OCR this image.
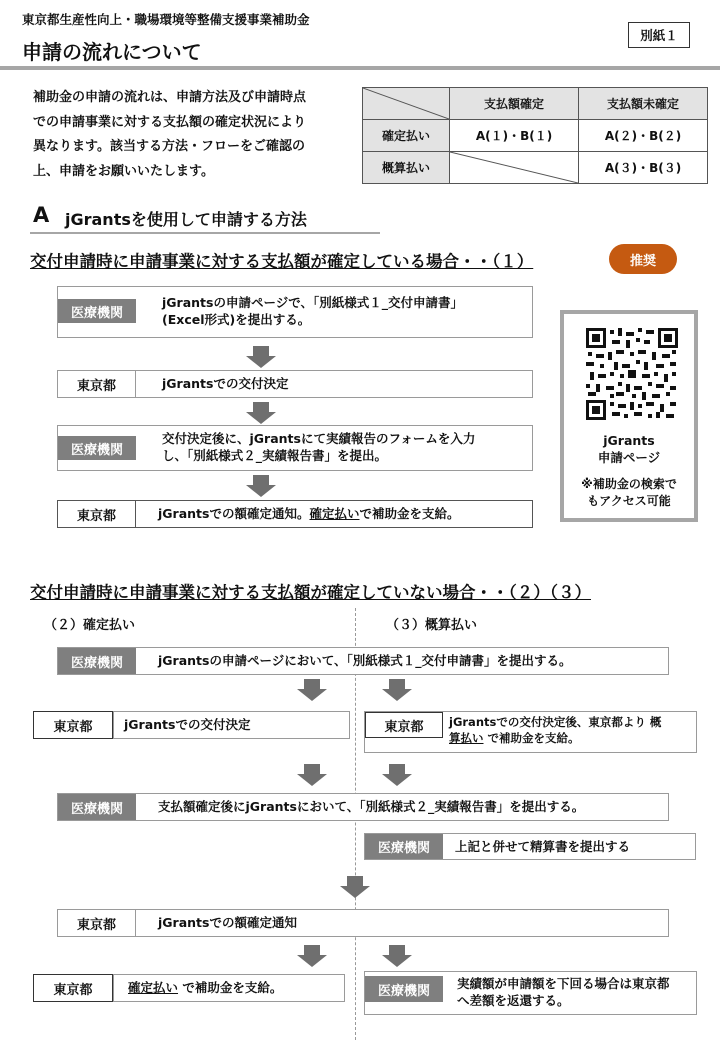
東京都生産性向上・職場環境等整備支援事業補助金
申請の流れについて
別紙１
補助金の申請の流れは、申請方法及び申請時点
での申請事業に対する支払額の確定状況により
異なります。該当する方法・フローをご確認の
上、申請をお願いいたします。
	支払額確定	支払額未確定
確定払い	A(１)・B(１)	A(２)・B(２)
概算払い		A(３)・B(３)
A jGrantsを使用して申請する方法
交付申請時に申請事業に対する支払額が確定している場合・・（１）	推奨
医療機関
jGrantsの申請ページで、「別紙様式１_交付申請書」
(Excel形式)を提出する。
東京都	jGrantsでの交付決定
医療機関
交付決定後に、jGrantsにて実績報告のフォームを入力
し、「別紙様式２_実績報告書」を提出。
東京都	jGrantsでの額確定通知。確定払いで補助金を支給。
jGrants
申請ページ
※補助金の検索で
もアクセス可能
交付申請時に申請事業に対する支払額が確定していない場合・・（２）（３）
（２）確定払い	（３）概算払い
医療機関	jGrantsの申請ページにおいて、「別紙様式１_交付申請書」を提出する。
東京都	jGrantsでの交付決定	東京都	jGrantsでの交付決定後、東京都より 概
算払い で補助金を支給。
医療機関	支払額確定後にjGrantsにおいて、「別紙様式２_実績報告書」を提出する。
医療機関	上記と併せて精算書を提出する
東京都	jGrantsでの額確定通知
東京都	確定払い で補助金を支給。	医療機関	実績額が申請額を下回る場合は東京都
へ差額を返還する。
